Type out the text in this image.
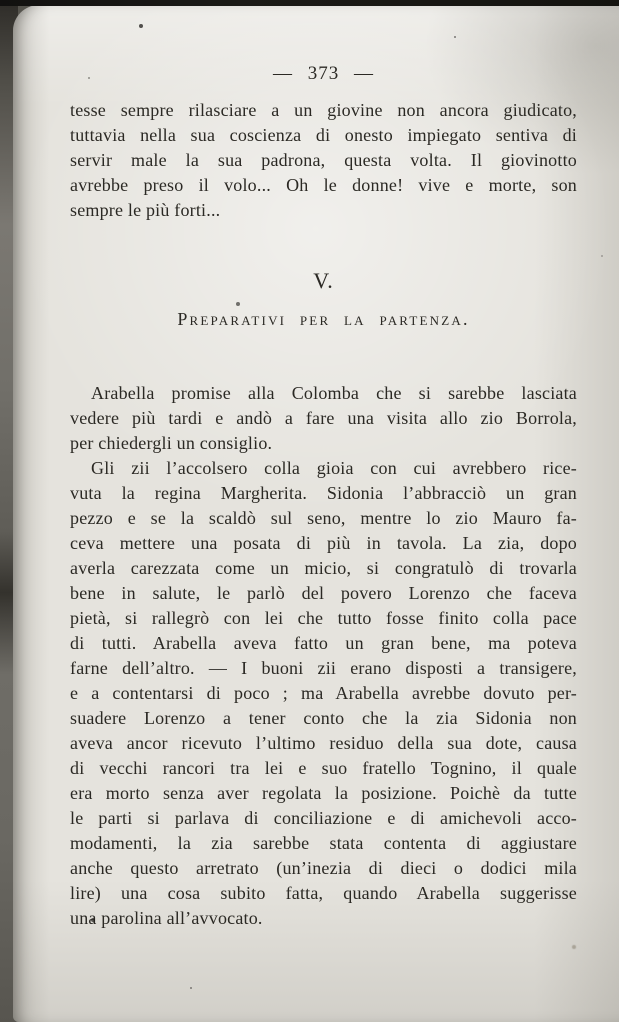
— 373 —
tesse sempre rilasciare a un giovine non ancora giudicato,
tuttavia nella sua coscienza di onesto impiegato sentiva di
servir male la sua padrona, questa volta. Il giovinotto
avrebbe preso il volo... Oh le donne! vive e morte, son
sempre le più forti...
V.
Preparativi per la partenza.
Arabella promise alla Colomba che si sarebbe lasciata
vedere più tardi e andò a fare una visita allo zio Borrola,
per chiedergli un consiglio.
Gli zii l’accolsero colla gioia con cui avrebbero rice-
vuta la regina Margherita. Sidonia l’abbracciò un gran
pezzo e se la scaldò sul seno, mentre lo zio Mauro fa-
ceva mettere una posata di più in tavola. La zia, dopo
averla carezzata come un micio, si congratulò di trovarla
bene in salute, le parlò del povero Lorenzo che faceva
pietà, si rallegrò con lei che tutto fosse finito colla pace
di tutti. Arabella aveva fatto un gran bene, ma poteva
farne dell’altro. — I buoni zii erano disposti a transigere,
e a contentarsi di poco ; ma Arabella avrebbe dovuto per-
suadere Lorenzo a tener conto che la zia Sidonia non
aveva ancor ricevuto l’ultimo residuo della sua dote, causa
di vecchi rancori tra lei e suo fratello Tognino, il quale
era morto senza aver regolata la posizione. Poichè da tutte
le parti si parlava di conciliazione e di amichevoli acco-
modamenti, la zia sarebbe stata contenta di aggiustare
anche questo arretrato (un’inezia di dieci o dodici mila
lire) una cosa subito fatta, quando Arabella suggerisse
una parolina all’avvocato.
